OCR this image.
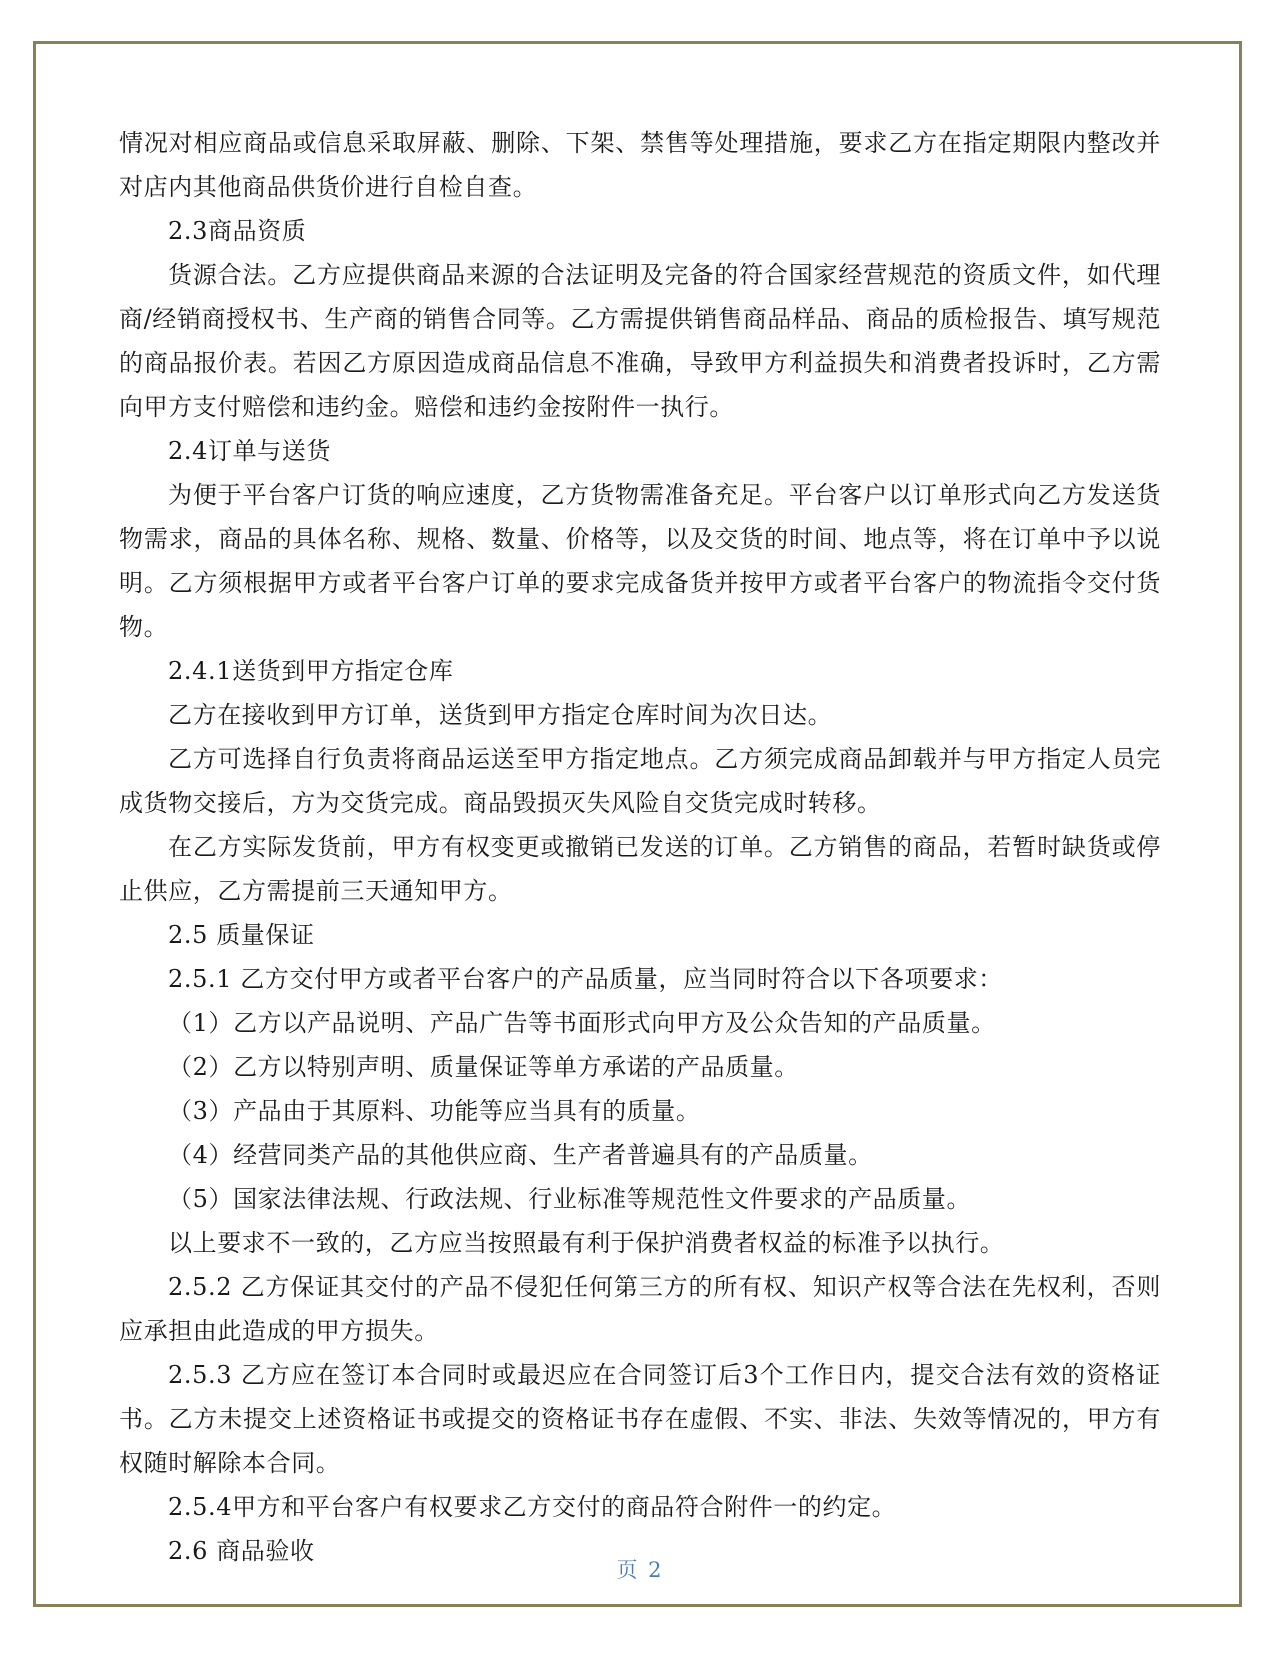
情况对相应商品或信息采取屏蔽、删除、下架、禁售等处理措施，要求乙方在指定期限内整改并对店内其他商品供货价进行自检自查。

2.3商品资质

货源合法。乙方应提供商品来源的合法证明及完备的符合国家经营规范的资质文件，如代理商/经销商授权书、生产商的销售合同等。乙方需提供销售商品样品、商品的质检报告、填写规范的商品报价表。若因乙方原因造成商品信息不准确，导致甲方利益损失和消费者投诉时，乙方需向甲方支付赔偿和违约金。赔偿和违约金按附件一执行。

2.4订单与送货

为便于平台客户订货的响应速度，乙方货物需准备充足。平台客户以订单形式向乙方发送货物需求，商品的具体名称、规格、数量、价格等，以及交货的时间、地点等，将在订单中予以说明。乙方须根据甲方或者平台客户订单的要求完成备货并按甲方或者平台客户的物流指令交付货物。

2.4.1送货到甲方指定仓库

乙方在接收到甲方订单，送货到甲方指定仓库时间为次日达。

乙方可选择自行负责将商品运送至甲方指定地点。乙方须完成商品卸载并与甲方指定人员完成货物交接后，方为交货完成。商品毁损灭失风险自交货完成时转移。

在乙方实际发货前，甲方有权变更或撤销已发送的订单。乙方销售的商品，若暂时缺货或停止供应，乙方需提前三天通知甲方。

2.5 质量保证

2.5.1 乙方交付甲方或者平台客户的产品质量，应当同时符合以下各项要求：

（1）乙方以产品说明、产品广告等书面形式向甲方及公众告知的产品质量。

（2）乙方以特别声明、质量保证等单方承诺的产品质量。

（3）产品由于其原料、功能等应当具有的质量。

（4）经营同类产品的其他供应商、生产者普遍具有的产品质量。

（5）国家法律法规、行政法规、行业标准等规范性文件要求的产品质量。

以上要求不一致的，乙方应当按照最有利于保护消费者权益的标准予以执行。

2.5.2 乙方保证其交付的产品不侵犯任何第三方的所有权、知识产权等合法在先权利，否则应承担由此造成的甲方损失。

2.5.3 乙方应在签订本合同时或最迟应在合同签订后3个工作日内，提交合法有效的资格证书。乙方未提交上述资格证书或提交的资格证书存在虚假、不实、非法、失效等情况的，甲方有权随时解除本合同。

2.5.4甲方和平台客户有权要求乙方交付的商品符合附件一的约定。

2.6 商品验收

页 2
